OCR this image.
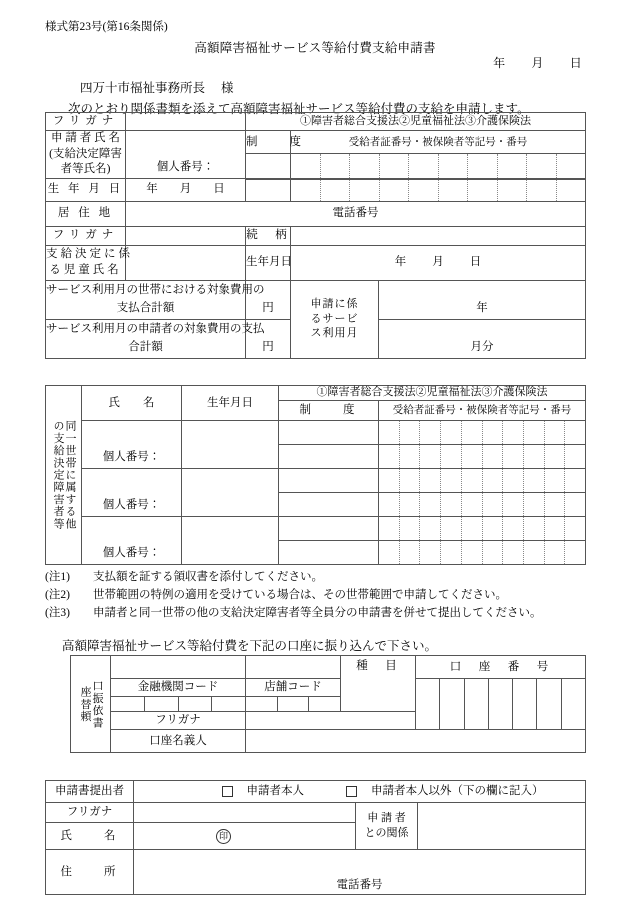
様式第23号(第16条関係)
高額障害福祉サービス等給付費支給申請書
年 月 日
四万十市福祉事務所長 様
次のとおり関係書類を添えて高額障害福祉サービス等給付費の支給を申請します。
フリガナ		①障害者総合支援法②児童福祉法③介護保険法		

申 請 者 氏 名
(支給決定障害
者等氏名)	個人番号：	制　　度	受給者証番号・被保険者等記号・番号	

生 年 月 日	年 月 日			

居 住 地	電話番号			
フリガナ		続　柄		

支給決定に係
る児童氏名		生年月日	年 月 日	
サービス利用月の世帯における対象費用の
支払合計額		円	申請に係
るサービ
ス利用月	年
サービス利用月の申請者の対象費用の支払
合計額		円		月分
同一世帯に属する他
の支給決定障害者等	氏　　名	生年月日	①障害者総合支援法②児童福祉法③介護保険法	
			制　　度	受給者証番号・被保険者等記号・番号
	個人番号：			

	個人番号：			

	個人番号：			

(注1) 支払額を証する領収書を添付してください。
(注2) 世帯範囲の特例の適用を受けている場合は、その世帯範囲で申請してください。
(注3) 申請者と同一世帯の他の支給決定障害者等全員分の申請書を併せて提出してください。
高額障害福祉サービス等給付費を下記の口座に振り込んで下さい。
口振依書
座替頼			種　目	口　座　番　号
	金融機関コード	店舗コード		

	フリガナ			
	口座名義人			
申請書提出者	申請者本人 申請者本人以外（下の欄に記入）		
フリガナ		申 請 者
との関係	

氏　　名	印		
住　　所	電話番号		
